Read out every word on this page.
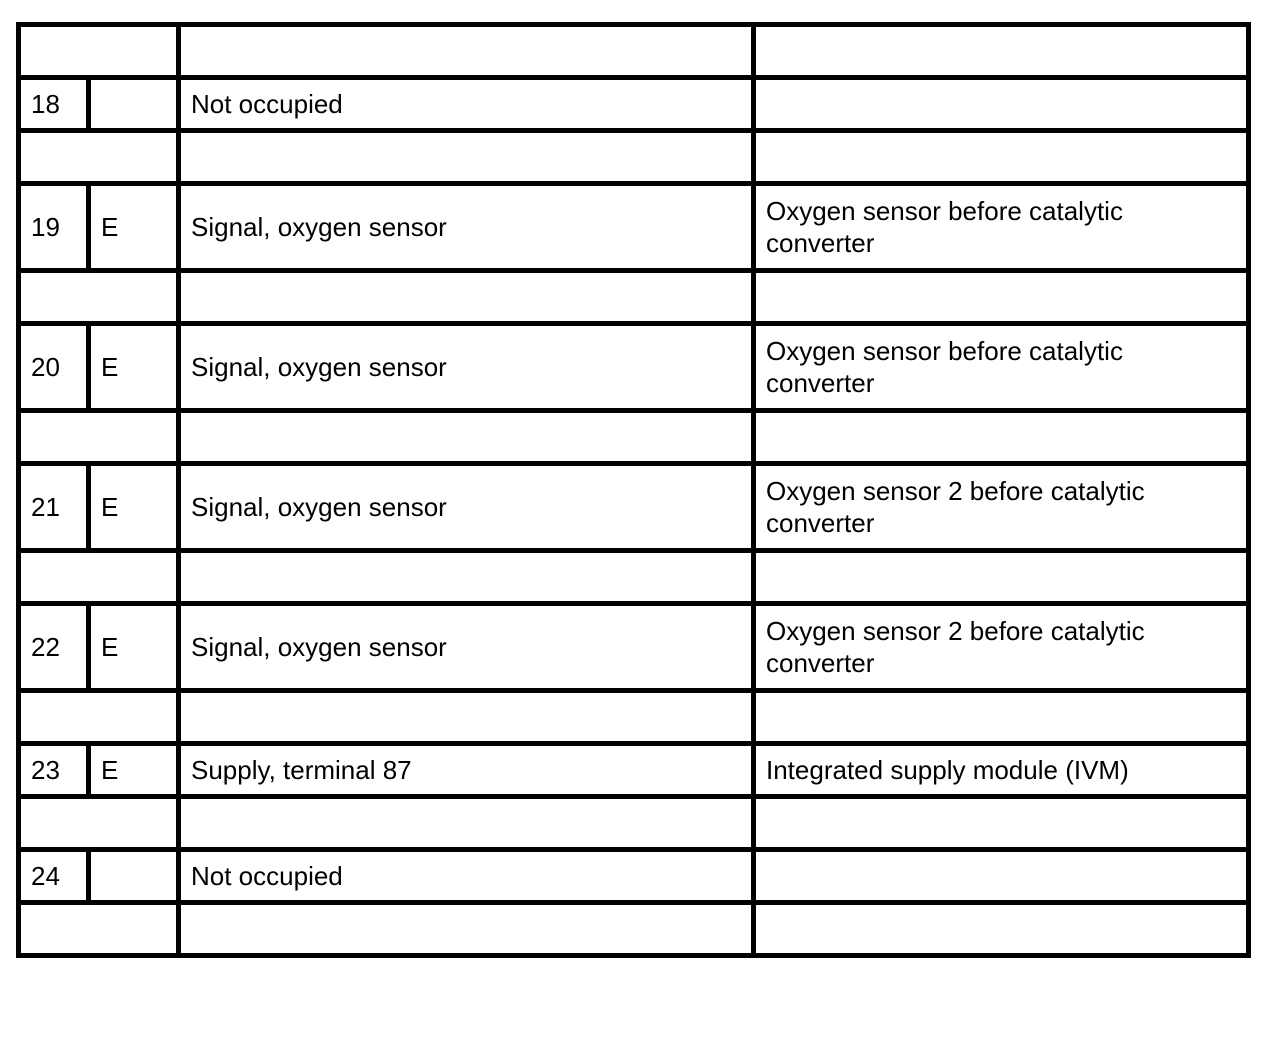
18		Not occupied	

19	E	Signal, oxygen sensor	Oxygen sensor before catalytic converter

20	E	Signal, oxygen sensor	Oxygen sensor before catalytic converter

21	E	Signal, oxygen sensor	Oxygen sensor 2 before catalytic converter

22	E	Signal, oxygen sensor	Oxygen sensor 2 before catalytic converter

23	E	Supply, terminal 87	Integrated supply module (IVM)

24		Not occupied	
